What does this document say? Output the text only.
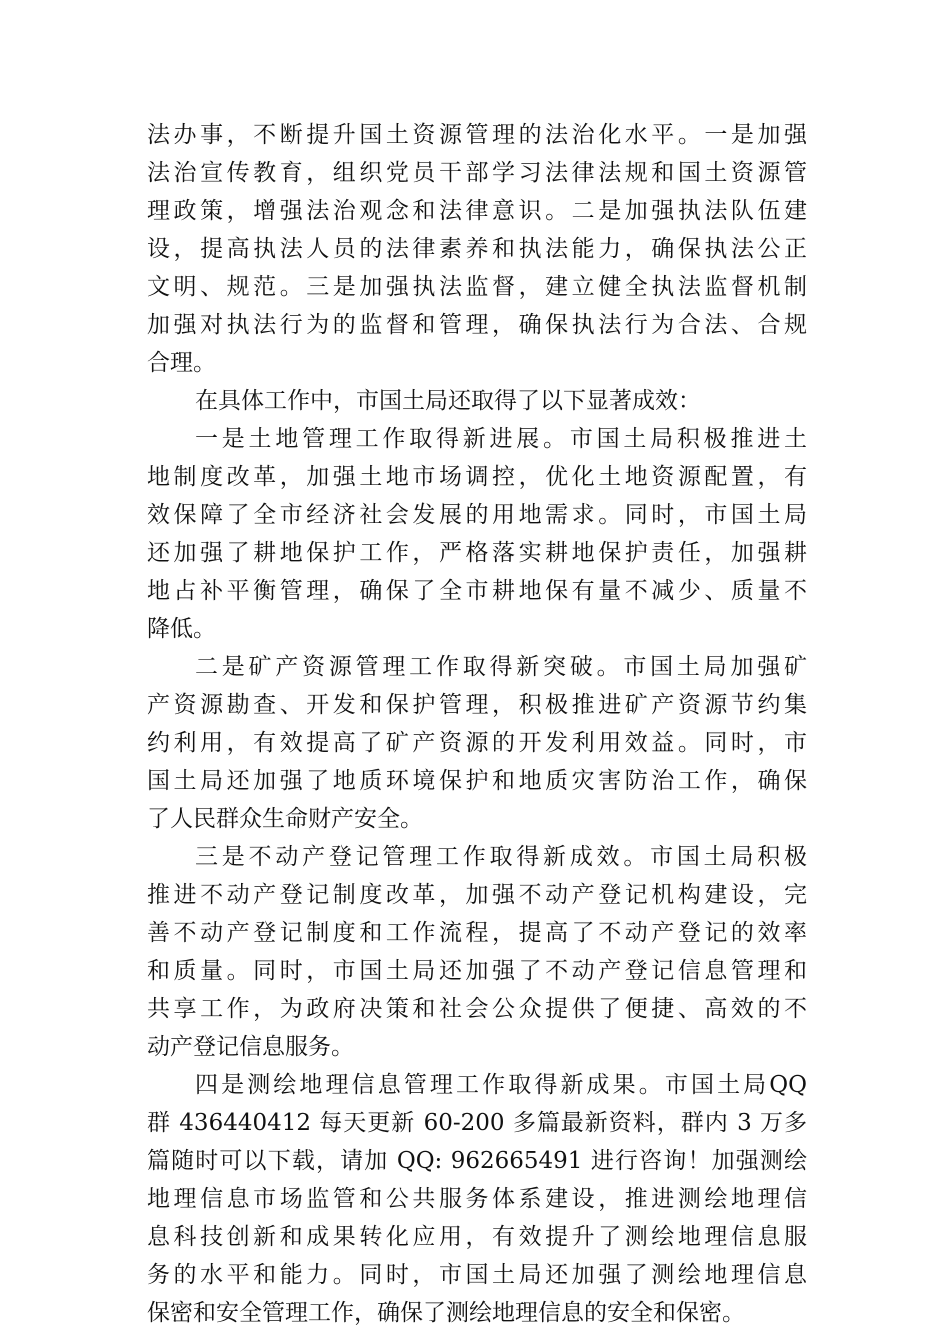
法办事，不断提升国土资源管理的法治化水平。一是加强
法治宣传教育，组织党员干部学习法律法规和国土资源管
理政策，增强法治观念和法律意识。二是加强执法队伍建
设，提高执法人员的法律素养和执法能力，确保执法公正
文明、规范。三是加强执法监督，建立健全执法监督机制
加强对执法行为的监督和管理，确保执法行为合法、合规
合理。
在具体工作中，市国土局还取得了以下显著成效：
一是土地管理工作取得新进展。市国土局积极推进土
地制度改革，加强土地市场调控，优化土地资源配置，有
效保障了全市经济社会发展的用地需求。同时，市国土局
还加强了耕地保护工作，严格落实耕地保护责任，加强耕
地占补平衡管理，确保了全市耕地保有量不减少、质量不
降低。
二是矿产资源管理工作取得新突破。市国土局加强矿
产资源勘查、开发和保护管理，积极推进矿产资源节约集
约利用，有效提高了矿产资源的开发利用效益。同时，市
国土局还加强了地质环境保护和地质灾害防治工作，确保
了人民群众生命财产安全。
三是不动产登记管理工作取得新成效。市国土局积极
推进不动产登记制度改革，加强不动产登记机构建设，完
善不动产登记制度和工作流程，提高了不动产登记的效率
和质量。同时，市国土局还加强了不动产登记信息管理和
共享工作，为政府决策和社会公众提供了便捷、高效的不
动产登记信息服务。
四是测绘地理信息管理工作取得新成果。市国土局QQ
群 436440412 每天更新 60-200 多篇最新资料，群内 3 万多
篇随时可以下载，请加 QQ: 962665491 进行咨询！加强测绘
地理信息市场监管和公共服务体系建设，推进测绘地理信
息科技创新和成果转化应用，有效提升了测绘地理信息服
务的水平和能力。同时，市国土局还加强了测绘地理信息
保密和安全管理工作，确保了测绘地理信息的安全和保密。
